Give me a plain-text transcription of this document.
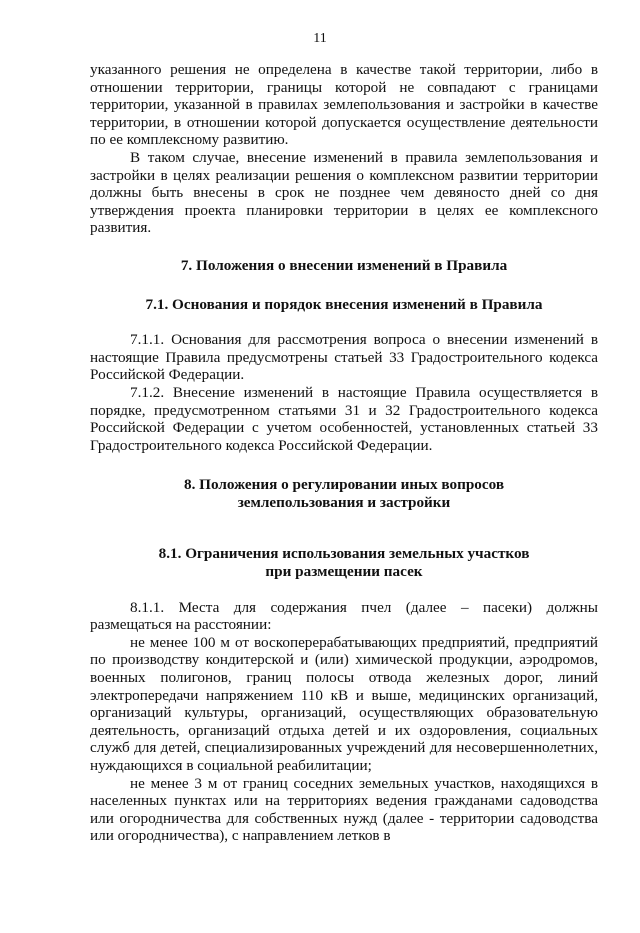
11

указанного решения не определена в качестве такой территории, либо в отношении территории, границы которой не совпадают с границами территории, указанной в правилах землепользования и застройки в качестве территории, в отношении которой допускается осуществление деятельности по ее комплексному развитию.

В таком случае, внесение изменений в правила землепользования и застройки в целях реализации решения о комплексном развитии территории должны быть внесены в срок не позднее чем девяносто дней со дня утверждения проекта планировки территории в целях ее комплексного развития.

7. Положения о внесении изменений в Правила

7.1. Основания и порядок внесения изменений в Правила

7.1.1. Основания для рассмотрения вопроса о внесении изменений в настоящие Правила предусмотрены статьей 33 Градостроительного кодекса Российской Федерации.

7.1.2. Внесение изменений в настоящие Правила осуществляется в порядке, предусмотренном статьями 31 и 32 Градостроительного кодекса Российской Федерации с учетом особенностей, установленных статьей 33 Градостроительного кодекса Российской Федерации.

8. Положения о регулировании иных вопросов
землепользования и застройки

8.1. Ограничения использования земельных участков
при размещении пасек

8.1.1. Места для содержания пчел (далее – пасеки) должны размещаться на расстоянии:

не менее 100 м от воскоперерабатывающих предприятий, предприятий по производству кондитерской и (или) химической продукции, аэродромов, военных полигонов, границ полосы отвода железных дорог, линий электропередачи напряжением 110 кВ и выше, медицинских организаций, организаций культуры, организаций, осуществляющих образовательную деятельность, организаций отдыха детей и их оздоровления, социальных служб для детей, специализированных учреждений для несовершеннолетних, нуждающихся в социальной реабилитации;

не менее 3 м от границ соседних земельных участков, находящихся в населенных пунктах или на территориях ведения гражданами садоводства или огородничества для собственных нужд (далее - территории садоводства или огородничества), с направлением летков в
